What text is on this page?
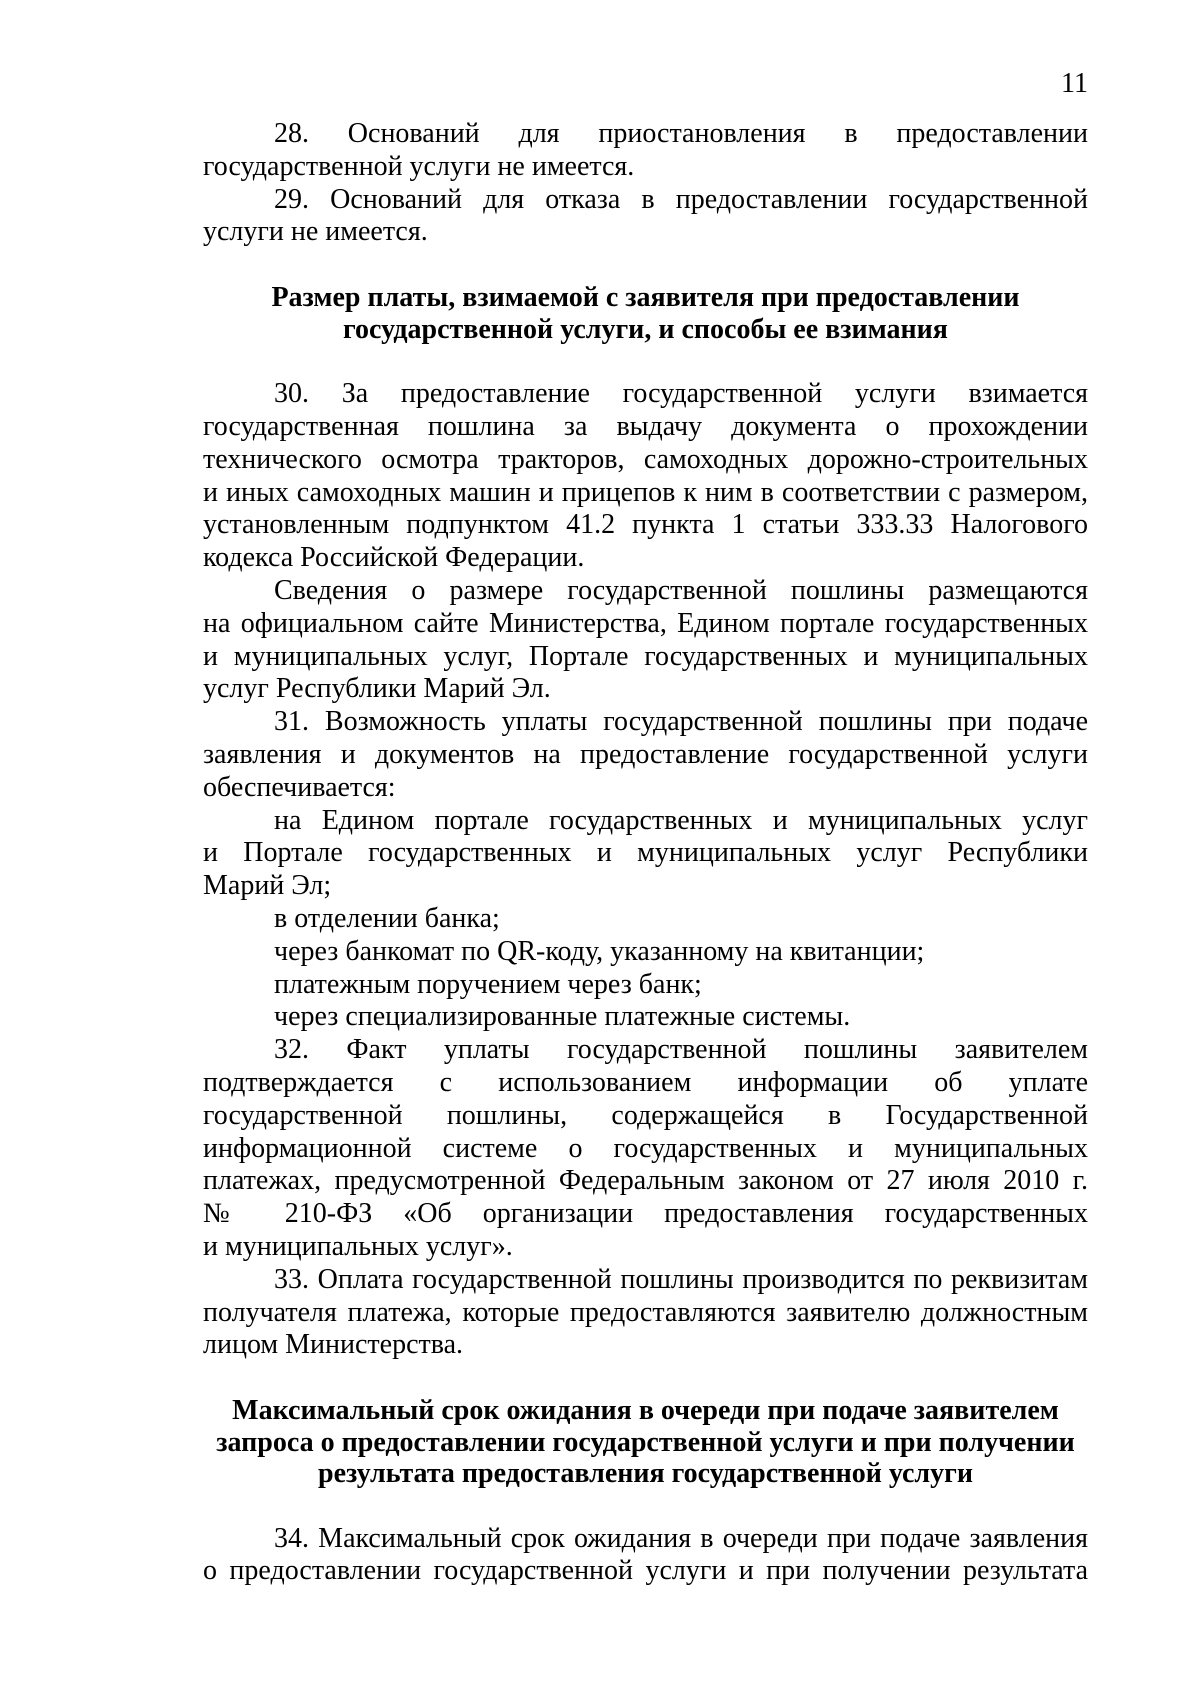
11

28. Оснований для приостановления в предоставлении
государственной услуги не имеется.

29. Оснований для отказа в предоставлении государственной
услуги не имеется.

Размер платы, взимаемой с заявителя при предоставлении
государственной услуги, и способы ее взимания

30. За предоставление государственной услуги взимается
государственная пошлина за выдачу документа о прохождении
технического осмотра тракторов, самоходных дорожно-строительных
и иных самоходных машин и прицепов к ним в соответствии с размером,
установленным подпунктом 41.2 пункта 1 статьи 333.33 Налогового
кодекса Российской Федерации.

Сведения о размере государственной пошлины размещаются
на официальном сайте Министерства, Едином портале государственных
и муниципальных услуг, Портале государственных и муниципальных
услуг Республики Марий Эл.

31. Возможность уплаты государственной пошлины при подаче
заявления и документов на предоставление государственной услуги
обеспечивается:

на Едином портале государственных и муниципальных услуг
и Портале государственных и муниципальных услуг Республики
Марий Эл;

в отделении банка;

через банкомат по QR-коду, указанному на квитанции;

платежным поручением через банк;

через специализированные платежные системы.

32. Факт уплаты государственной пошлины заявителем
подтверждается с использованием информации об уплате
государственной пошлины, содержащейся в Государственной
информационной системе о государственных и муниципальных
платежах, предусмотренной Федеральным законом от 27 июля 2010 г.
№ 210-ФЗ «Об организации предоставления государственных
и муниципальных услуг».

33. Оплата государственной пошлины производится по реквизитам
получателя платежа, которые предоставляются заявителю должностным
лицом Министерства.

Максимальный срок ожидания в очереди при подаче заявителем
запроса о предоставлении государственной услуги и при получении
результата предоставления государственной услуги

34. Максимальный срок ожидания в очереди при подаче заявления
о предоставлении государственной услуги и при получении результата
